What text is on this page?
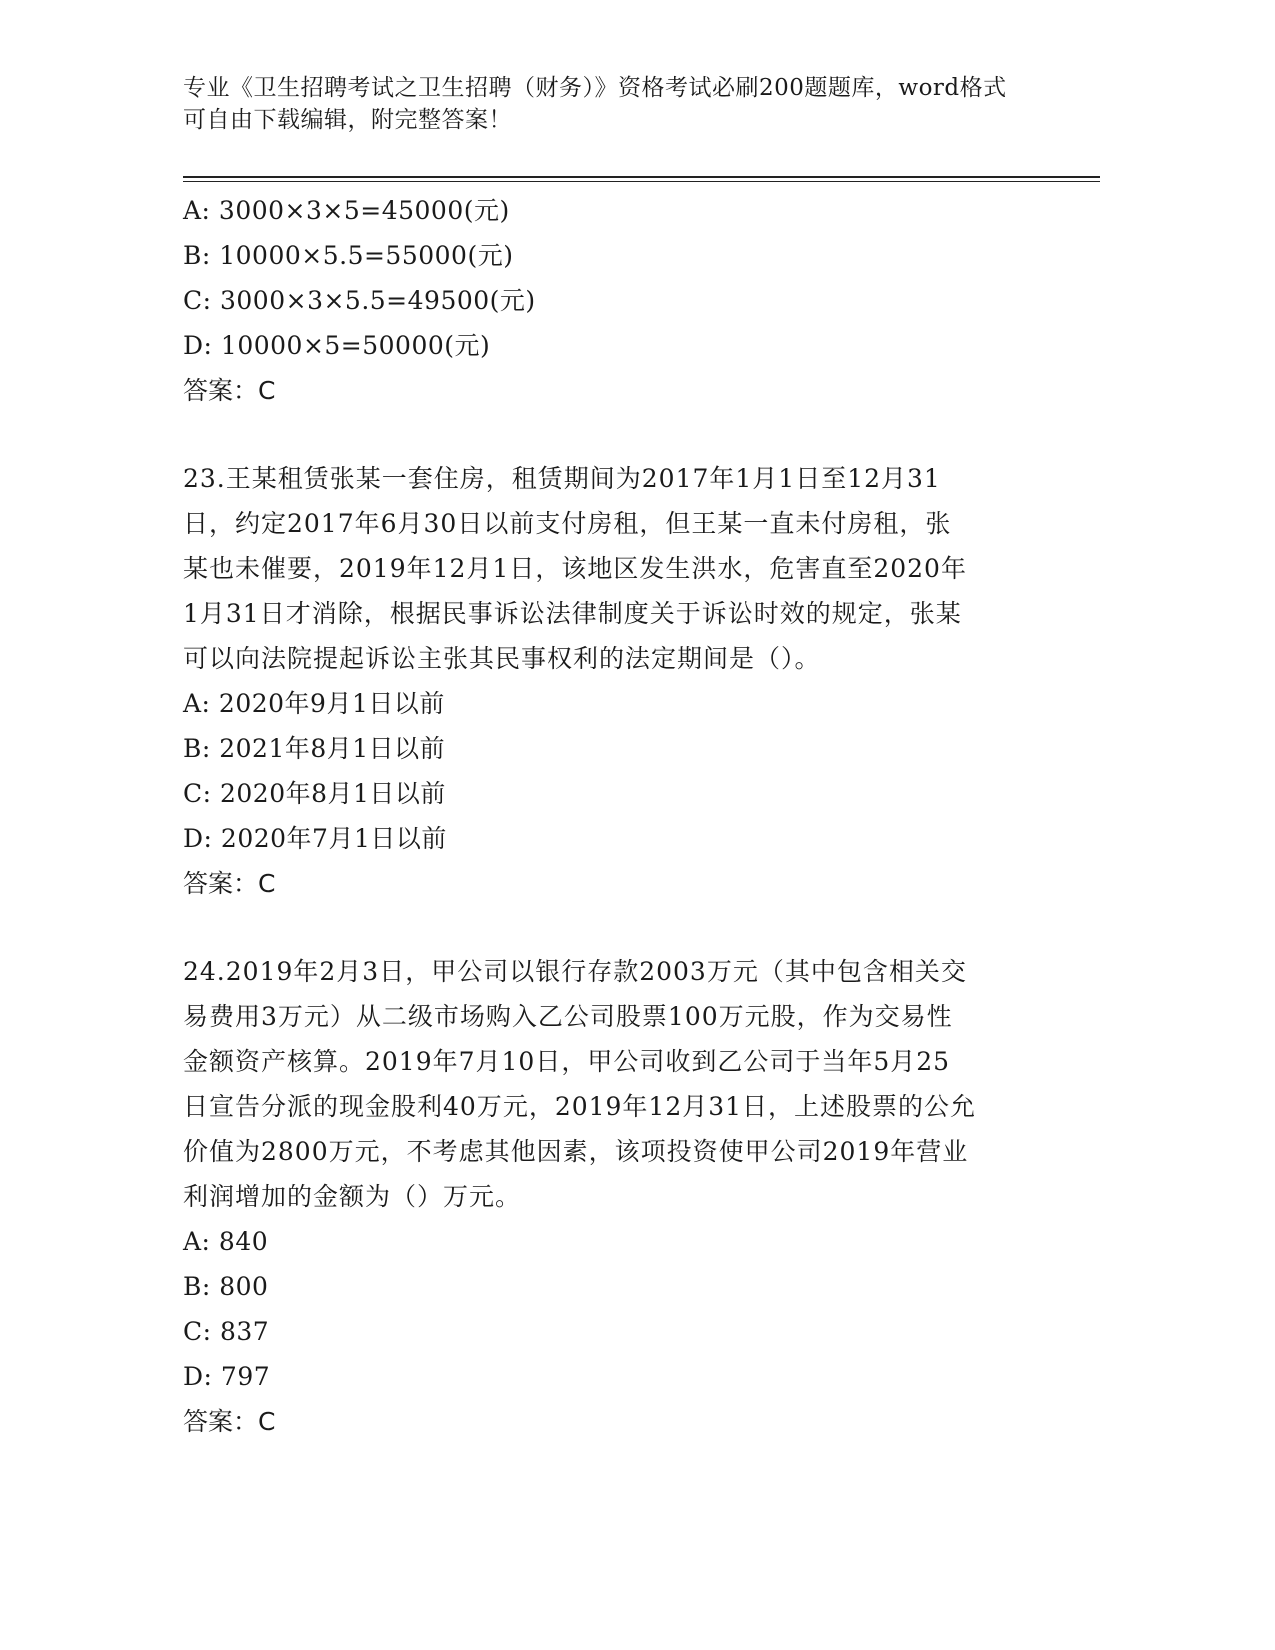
专业《卫生招聘考试之卫生招聘（财务）》资格考试必刷200题题库，word格式
可自由下载编辑，附完整答案！
A: 3000×3×5=45000(元)
B: 10000×5.5=55000(元)
C: 3000×3×5.5=49500(元)
D: 10000×5=50000(元)
答案：C
23.王某租赁张某一套住房，租赁期间为2017年1月1日至12月31
日，约定2017年6月30日以前支付房租，但王某一直未付房租，张
某也未催要，2019年12月1日，该地区发生洪水，危害直至2020年
1月31日才消除，根据民事诉讼法律制度关于诉讼时效的规定，张某
可以向法院提起诉讼主张其民事权利的法定期间是（）。
A: 2020年9月1日以前
B: 2021年8月1日以前
C: 2020年8月1日以前
D: 2020年7月1日以前
答案：C
24.2019年2月3日，甲公司以银行存款2003万元（其中包含相关交
易费用3万元）从二级市场购入乙公司股票100万元股，作为交易性
金额资产核算。2019年7月10日，甲公司收到乙公司于当年5月25
日宣告分派的现金股利40万元，2019年12月31日，上述股票的公允
价值为2800万元，不考虑其他因素，该项投资使甲公司2019年营业
利润增加的金额为（）万元。
A: 840
B: 800
C: 837
D: 797
答案：C
